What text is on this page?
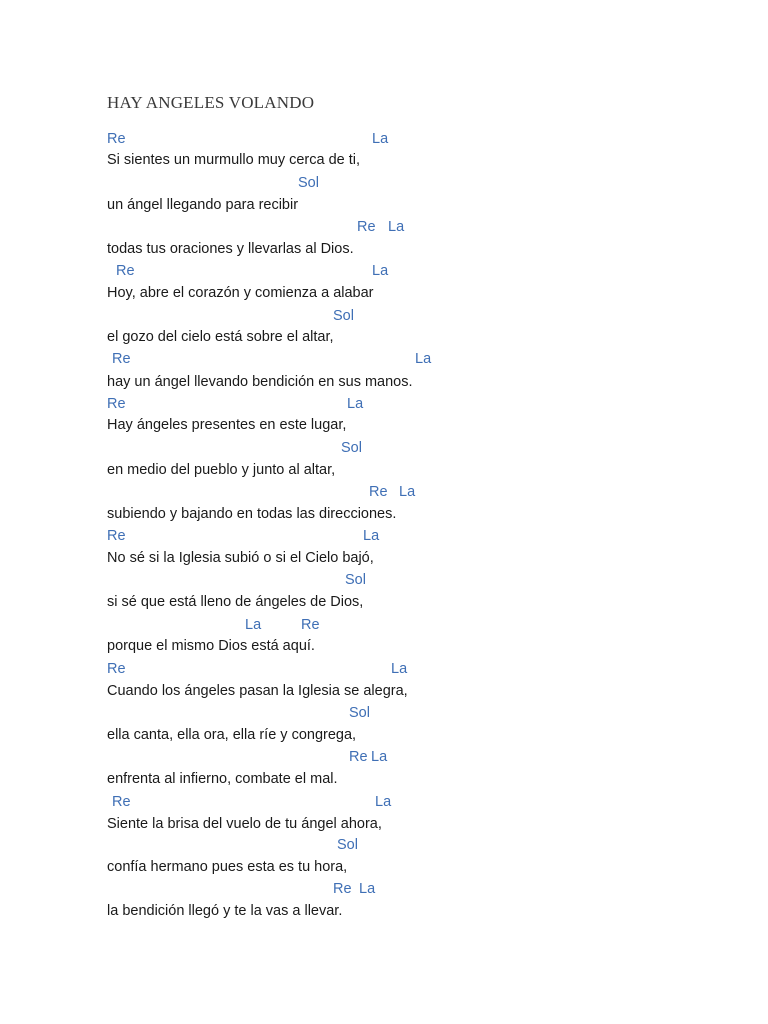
HAY ANGELES VOLANDO
Re	La
Si sientes un murmullo muy cerca de ti,
Sol
un ángel llegando para recibir
Re La
todas tus oraciones y llevarlas al Dios.
Re	La
Hoy, abre el corazón y comienza a alabar
Sol
el gozo del cielo está sobre el altar,
Re	La
hay un ángel llevando bendición en sus manos.
Re	La
Hay ángeles presentes en este lugar,
Sol
en medio del pueblo y junto al altar,
Re La
subiendo y bajando en todas las direcciones.
Re	La
No sé si la Iglesia subió o si el Cielo bajó,
Sol
si sé que está lleno de ángeles de Dios,
La	Re
porque el mismo Dios está aquí.
Re	La
Cuando los ángeles pasan la Iglesia se alegra,
Sol
ella canta, ella ora, ella ríe y congrega,
Re La
enfrenta al infierno, combate el mal.
Re	La
Siente la brisa del vuelo de tu ángel ahora,
Sol
confía hermano pues esta es tu hora,
Re La
la bendición llegó y te la vas a llevar.
